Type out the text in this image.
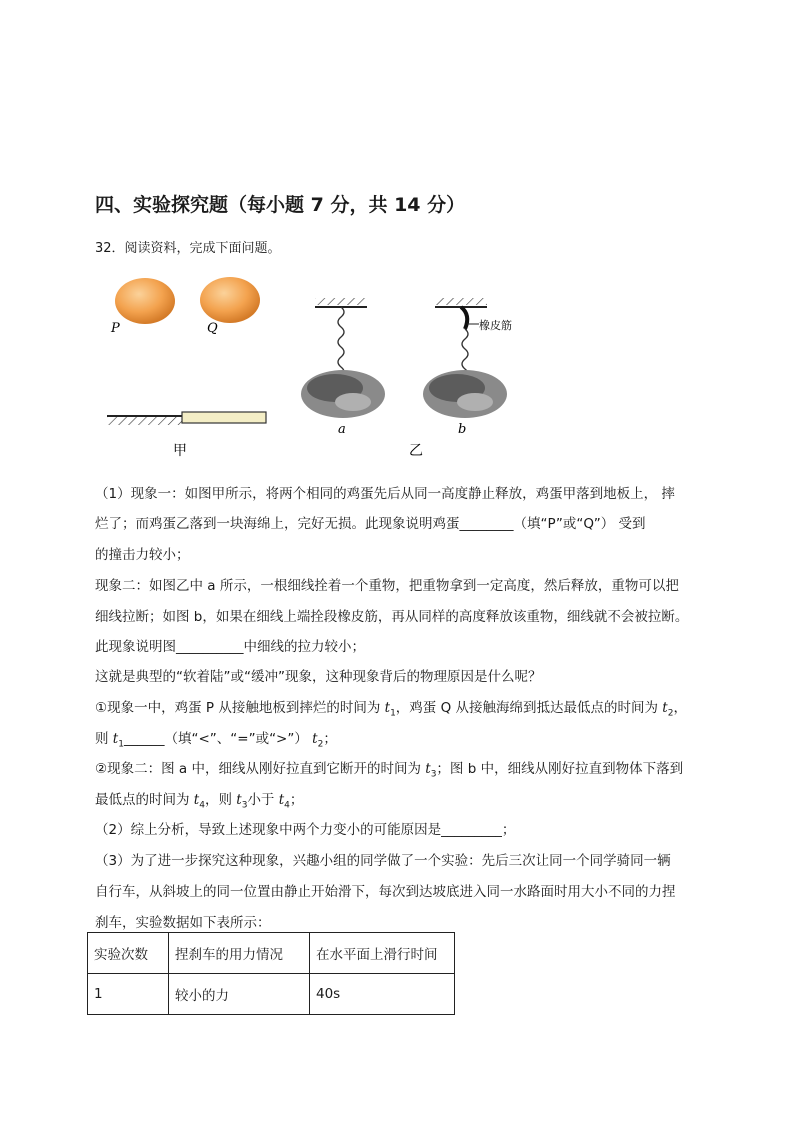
四、实验探究题（每小题 7 分，共 14 分）
32．阅读资料，完成下面问题。
P	Q
甲
a
橡皮筋
b
乙
（1）现象一：如图甲所示，将两个相同的鸡蛋先后从同一高度静止释放，鸡蛋甲落到地板上， 摔
烂了；而鸡蛋乙落到一块海绵上，完好无损。此现象说明鸡蛋________（填“P”或“Q”） 受到
的撞击力较小；
现象二：如图乙中 a 所示，一根细线拴着一个重物，把重物拿到一定高度，然后释放，重物可以把
细线拉断；如图 b，如果在细线上端拴段橡皮筋，再从同样的高度释放该重物，细线就不会被拉断。
此现象说明图__________中细线的拉力较小；
这就是典型的“软着陆”或“缓冲”现象，这种现象背后的物理原因是什么呢？
①现象一中，鸡蛋 P 从接触地板到摔烂的时间为 $t_1$，鸡蛋 Q 从接触海绵到抵达最低点的时间为 $t_2$，
则 $t_1\_\_\_\_\_\_$（填“<”、“=”或“>”） $t_2$；
②现象二：图 a 中，细线从刚好拉直到它断开的时间为 $t_3$；图 b 中，细线从刚好拉直到物体下落到
最低点的时间为 $t_4$，则 $t_3$小于 $t_4$；
（2）综上分析，导致上述现象中两个力变小的可能原因是_________；
（3）为了进一步探究这种现象，兴趣小组的同学做了一个实验：先后三次让同一个同学骑同一辆
自行车，从斜坡上的同一位置由静止开始滑下，每次到达坡底进入同一水路面时用大小不同的力捏
刹车，实验数据如下表所示：
实验次数	捏刹车的用力情况	在水平面上滑行时间
1	较小的力	40s
